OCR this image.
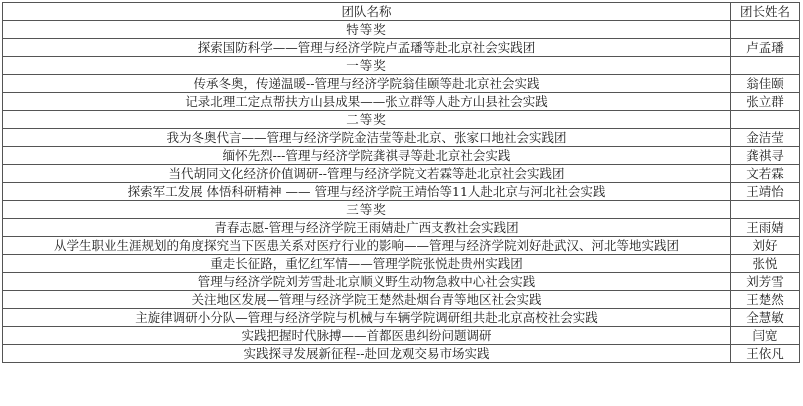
团队名称	团长姓名
特等奖	
探索国防科学——管理与经济学院卢孟璠等赴北京社会实践团	卢孟璠
一等奖	
传承冬奥，传递温暖--管理与经济学院翁佳颐等赴北京社会实践	翁佳颐
记录北理工定点帮扶方山县成果——张立群等人赴方山县社会实践	张立群
二等奖	
我为冬奥代言——管理与经济学院金洁莹等赴北京、张家口地社会实践团	金洁莹
缅怀先烈---管理与经济学院龚祺寻等赴北京社会实践	龚祺寻
当代胡同文化经济价值调研--管理与经济学院文若霖等赴北京社会实践团	文若霖
探索军工发展 体悟科研精神 —— 管理与经济学院王靖怡等11人赴北京与河北社会实践	王靖怡
三等奖	
青春志愿-管理与经济学院王雨婧赴广西支教社会实践团	王雨婧
从学生职业生涯规划的角度探究当下医患关系对医疗行业的影响——管理与经济学院刘好赴武汉、河北等地实践团	刘好
重走长征路，重忆红军情——管理学院张悦赴贵州实践团	张悦
管理与经济学院刘芳雪赴北京顺义野生动物急救中心社会实践	刘芳雪
关注地区发展—管理与经济学院王楚然赴烟台青等地区社会实践	王楚然
主旋律调研小分队—管理与经济学院与机械与车辆学院调研组共赴北京高校社会实践	全慧敏
实践把握时代脉搏——首都医患纠纷问题调研	闫宽
实践探寻发展新征程--赴回龙观交易市场实践	王依凡
